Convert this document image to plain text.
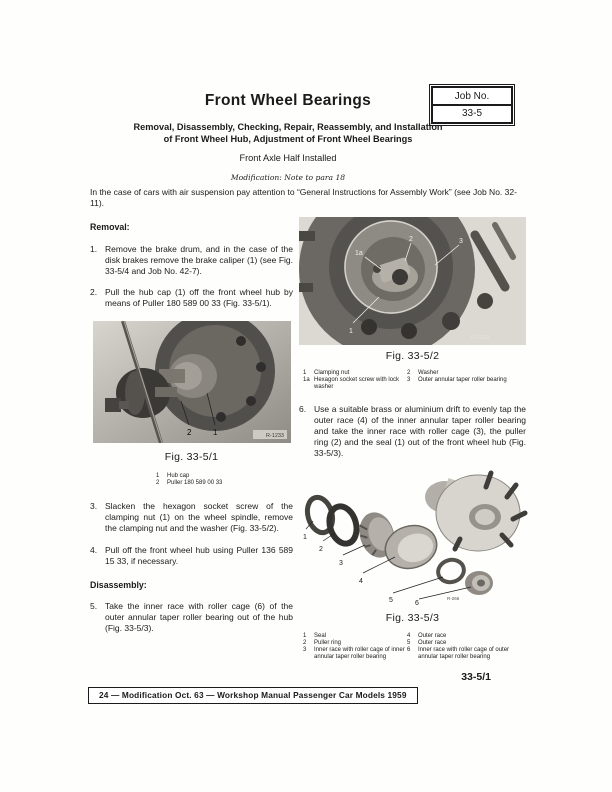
Job No.
33-5
Front Wheel Bearings
Removal, Disassembly, Checking, Repair, Reassembly, and Installation
of Front Wheel Hub, Adjustment of Front Wheel Bearings
Front Axle Half Installed
Modification: Note to para 18
In the case of cars with air suspension pay attention to “General Instructions for Assembly Work” (see Job No. 32-11).
Removal:
1. Remove the brake drum, and in the case of the disk brakes remove the brake caliper (1) (see Fig. 33-5/4 and Job No. 42-7).
2. Pull the hub cap (1) off the front wheel hub by means of Puller 180 589 00 33 (Fig. 33-5/1).
2	1	R-1233
Fig. 33-5/1
1	Hub cap
2	Puller 180 589 00 33
3. Slacken the hexagon socket screw of the clamping nut (1) on the wheel spindle, remove the clamping nut and the washer (Fig. 33-5/2).
4. Pull off the front wheel hub using Puller 136 589 15 33, if necessary.
Disassembly:
5. Take the inner race with roller cage (6) of the outer annular taper roller bearing out of the hub (Fig. 33-5/3).
1a
2	3
1
R-1230
Fig. 33-5/2
1	Clamping nut
1a Hexagon socket screw with lock washer
2	Washer
3	Outer annular taper roller bearing
6. Use a suitable brass or aluminium drift to evenly tap the outer race (4) of the inner annular taper roller bearing and take the inner race with roller cage (3), the puller ring (2) and the seal (1) out of the front wheel hub (Fig. 33-5/3).
1
2
3
4
5	6
R-266
Fig. 33-5/3
1	Seal
2	Puller ring
3	Inner race with roller cage of inner annular taper roller bearing
4	Outer race
5	Outer race
6	Inner race with roller cage of outer annular taper roller bearing
33-5/1
24 — Modification Oct. 63 — Workshop Manual Passenger Car Models 1959
